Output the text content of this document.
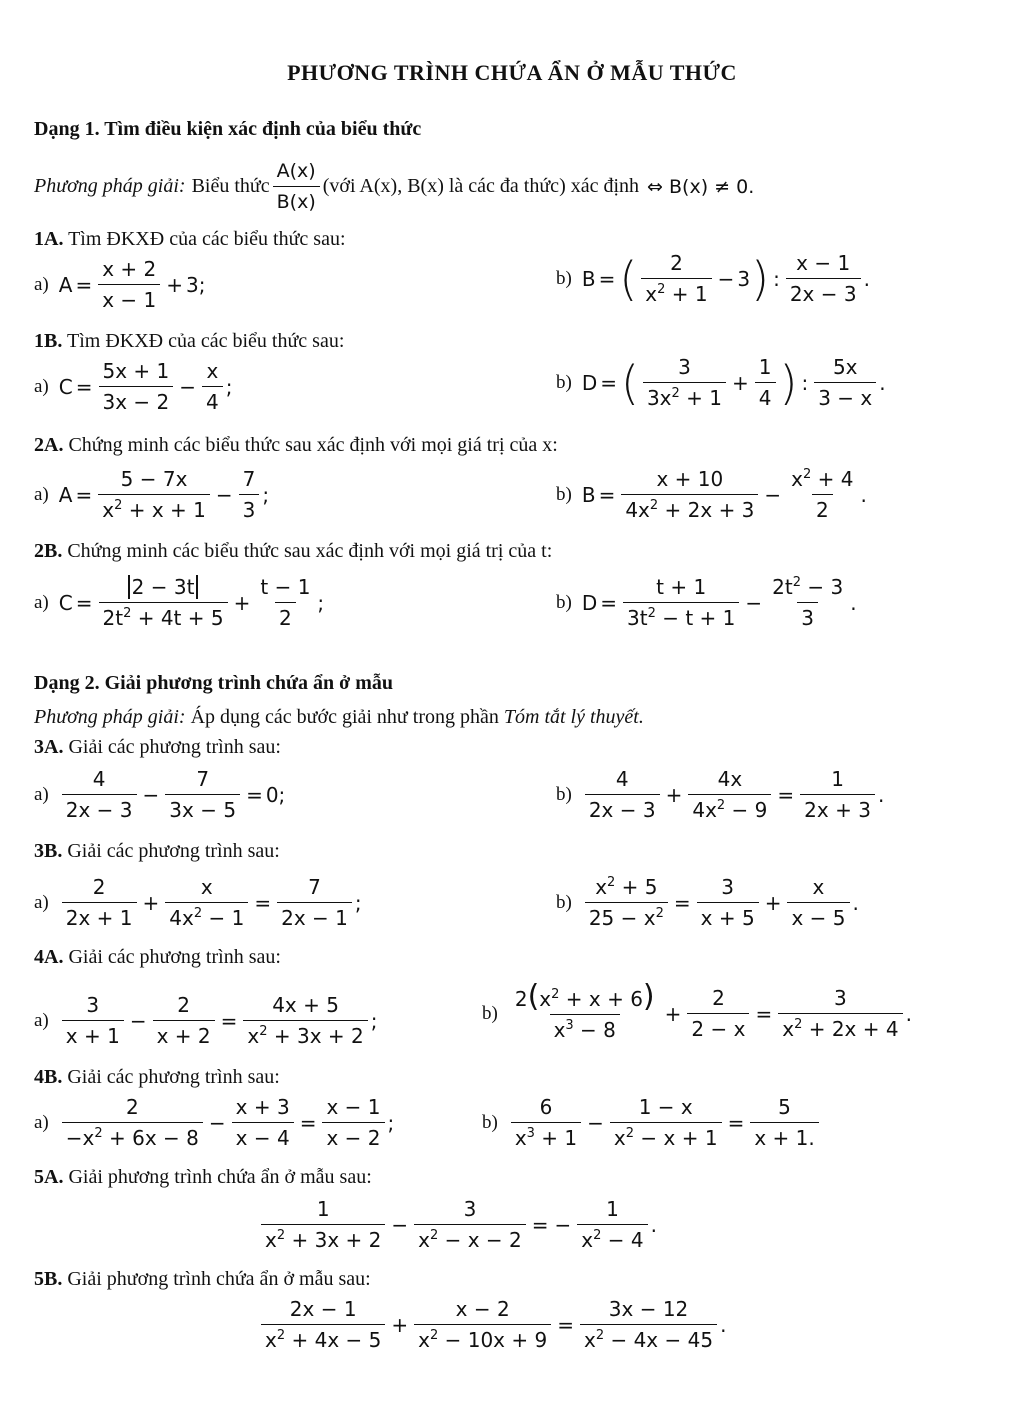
PHƯƠNG TRÌNH CHỨA ẨN Ở MẪU THỨC
Dạng 1. Tìm điều kiện xác định của biểu thức
Phương pháp giải: Biểu thức $\frac{A(x)}{B(x)}$ (với A(x), B(x) là các đa thức) xác định ⇔ B(x) ≠ 0.
1A. Tìm ĐKXĐ của các biểu thức sau:
a) $A = \frac{x + 2}{x - 1} + 3$;	b) B = ( $\frac{2}{x^2 + 1} - 3$ ) : $\frac{x - 1}{2x - 3}$ .
1B. Tìm ĐKXĐ của các biểu thức sau:
a) $C = \frac{5x + 1}{3x - 2} - \frac{x}{4}$ ;	b) D = ( $\frac{3}{3x^2 + 1} + \frac{1}{4}$ ) : $\frac{5x}{3 - x}$ .
2A. Chứng minh các biểu thức sau xác định với mọi giá trị của x:
a) $A = \frac{5 - 7x}{x^2 + x + 1} - \frac{7}{3}$ ;	b) $B = \frac{x + 10}{4x^2 + 2x + 3} - \frac{x^2 + 4}{2}$ .
2B. Chứng minh các biểu thức sau xác định với mọi giá trị của t:
a) $C = \frac{2 - 3t}{2t^2 + 4t + 5} + \frac{t - 1}{2}$ ;	b) $D = \frac{t + 1}{3t^2 - t + 1} - \frac{2t^2 - 3}{3}$ .
Dạng 2. Giải phương trình chứa ẩn ở mẫu
Phương pháp giải: Áp dụng các bước giải như trong phần Tóm tắt lý thuyết.
3A. Giải các phương trình sau:
$a) \frac{4}{2x - 3} - \frac{7}{3x - 5} = 0$;	$b) \frac{4}{2x - 3} + \frac{4x}{4x^2 - 9} = \frac{1}{2x + 3}$ .
3B. Giải các phương trình sau:
$a) \frac{2}{2x + 1} + \frac{x}{4x^2 - 1} = \frac{7}{2x - 1}$ ;	$b) \frac{x^2 + 5}{25 - x^2} = \frac{3}{x + 5} + \frac{x}{x - 5}$ .
4A. Giải các phương trình sau:
$a) \frac{3}{x + 1} - \frac{2}{x + 2} = \frac{4x + 5}{x^2 + 3x + 2}$ ;	$b) \frac{2(x^2 + x + 6)}{x^3 - 8} + \frac{2}{2 - x} = \frac{3}{x^2 + 2x + 4}$ .
4B. Giải các phương trình sau:
$a) \frac{2}{-x^2 + 6x - 8} - \frac{x + 3}{x - 4} = \frac{x - 1}{x - 2}$ ;	$b) \frac{6}{x^3 + 1} - \frac{1 - x}{x^2 - x + 1} = \frac{5}{x + 1.}$
5A. Giải phương trình chứa ẩn ở mẫu sau:
$\frac{1}{x^2 + 3x + 2} - \frac{3}{x^2 - x - 2}$ = − $\frac{1}{x^2 - 4}$ .
5B. Giải phương trình chứa ẩn ở mẫu sau:
$\frac{2x - 1}{x^2 + 4x - 5} + \frac{x - 2}{x^2 - 10x + 9} = \frac{3x - 12}{x^2 - 4x - 45}$ .
